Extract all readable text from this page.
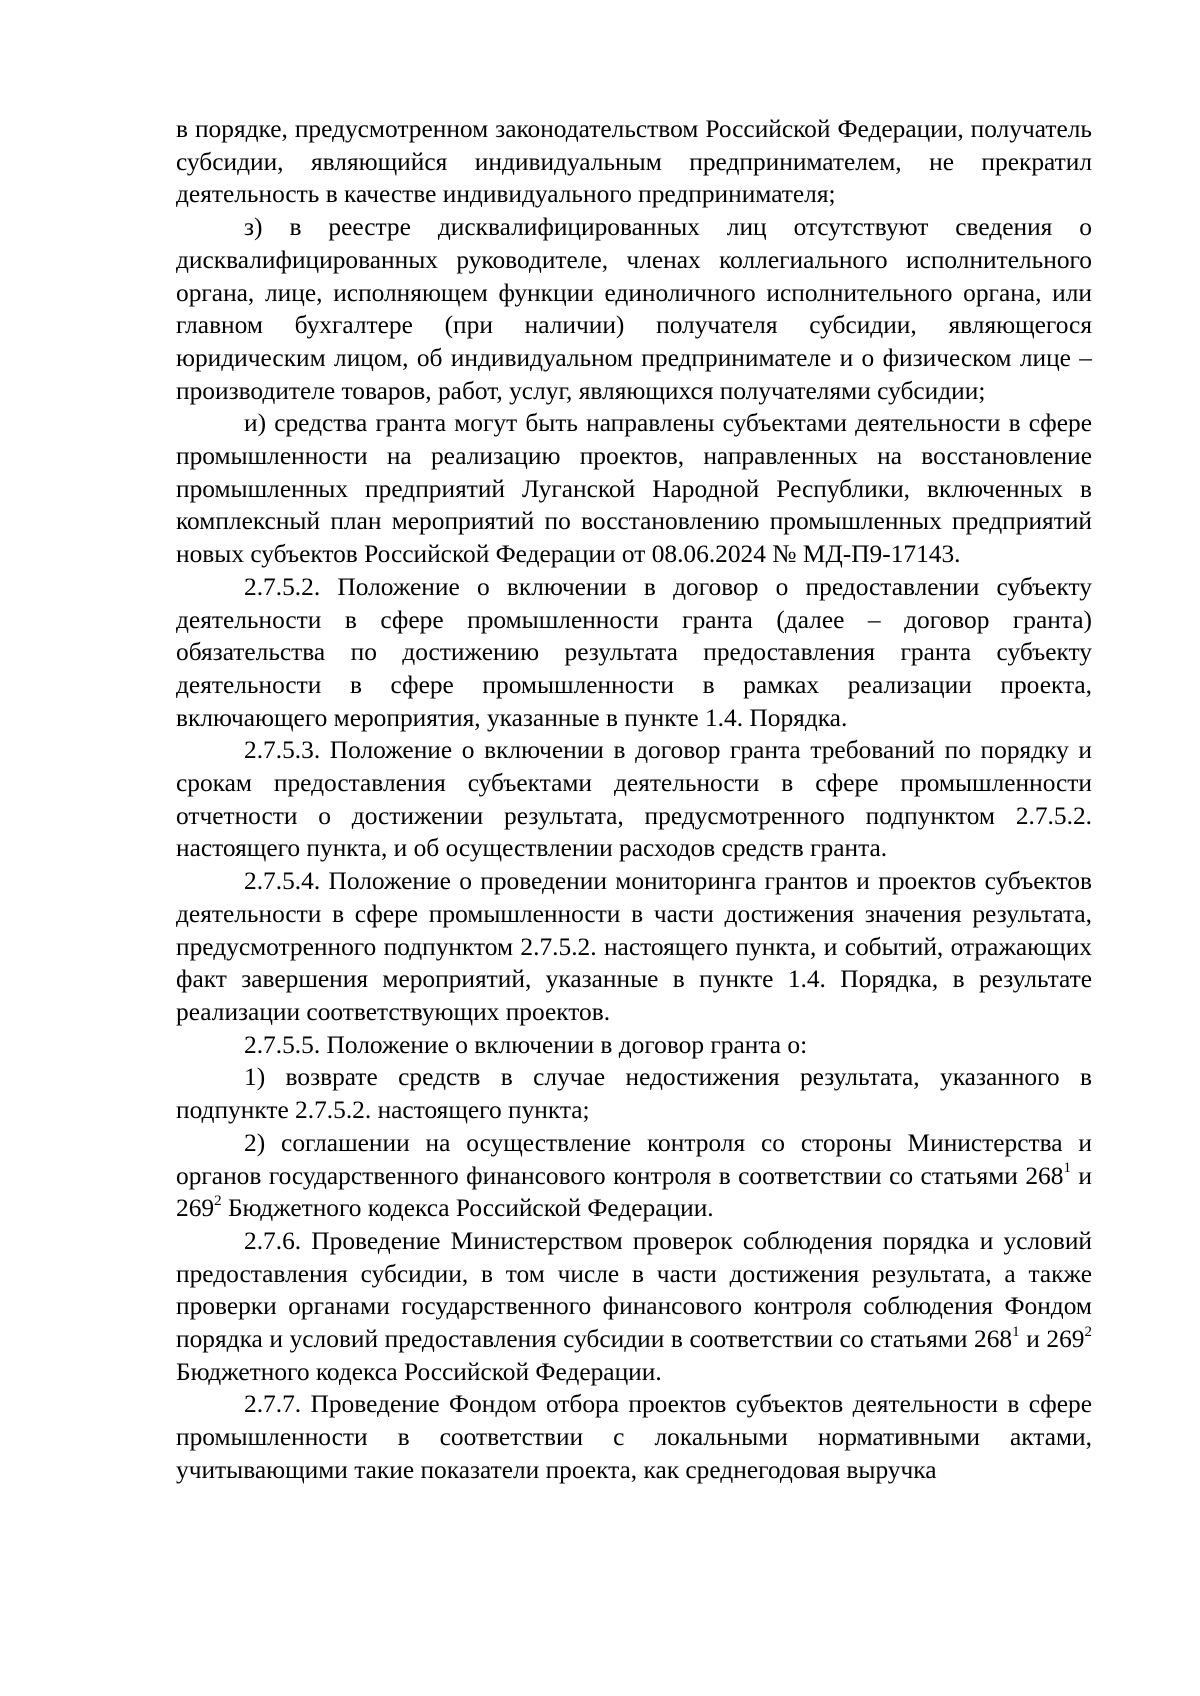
в порядке, предусмотренном законодательством Российской Федерации, получатель субсидии, являющийся индивидуальным предпринимателем, не прекратил деятельность в качестве индивидуального предпринимателя;

з) в реестре дисквалифицированных лиц отсутствуют сведения о дисквалифицированных руководителе, членах коллегиального исполнительного органа, лице, исполняющем функции единоличного исполнительного органа, или главном бухгалтере (при наличии) получателя субсидии, являющегося юридическим лицом, об индивидуальном предпринимателе и о физическом лице – производителе товаров, работ, услуг, являющихся получателями субсидии;

и) средства гранта могут быть направлены субъектами деятельности в сфере промышленности на реализацию проектов, направленных на восстановление промышленных предприятий Луганской Народной Республики, включенных в комплексный план мероприятий по восстановлению промышленных предприятий новых субъектов Российской Федерации от 08.06.2024 № МД-П9-17143.

2.7.5.2. Положение о включении в договор о предоставлении субъекту деятельности в сфере промышленности гранта (далее – договор гранта) обязательства по достижению результата предоставления гранта субъекту деятельности в сфере промышленности в рамках реализации проекта, включающего мероприятия, указанные в пункте 1.4. Порядка.

2.7.5.3. Положение о включении в договор гранта требований по порядку и срокам предоставления субъектами деятельности в сфере промышленности отчетности о достижении результата, предусмотренного подпунктом 2.7.5.2. настоящего пункта, и об осуществлении расходов средств гранта.

2.7.5.4. Положение о проведении мониторинга грантов и проектов субъектов деятельности в сфере промышленности в части достижения значения результата, предусмотренного подпунктом 2.7.5.2. настоящего пункта, и событий, отражающих факт завершения мероприятий, указанные в пункте 1.4. Порядка, в результате реализации соответствующих проектов.

2.7.5.5. Положение о включении в договор гранта о:

1) возврате средств в случае недостижения результата, указанного в подпункте 2.7.5.2. настоящего пункта;

2) соглашении на осуществление контроля со стороны Министерства и органов государственного финансового контроля в соответствии со статьями $268^1$ и $269^2$ Бюджетного кодекса Российской Федерации.

2.7.6. Проведение Министерством проверок соблюдения порядка и условий предоставления субсидии, в том числе в части достижения результата, а также проверки органами государственного финансового контроля соблюдения Фондом порядка и условий предоставления субсидии в соответствии со статьями $268^1$ и $269^2$ Бюджетного кодекса Российской Федерации.

2.7.7. Проведение Фондом отбора проектов субъектов деятельности в сфере промышленности в соответствии с локальными нормативными актами, учитывающими такие показатели проекта, как среднегодовая выручка
